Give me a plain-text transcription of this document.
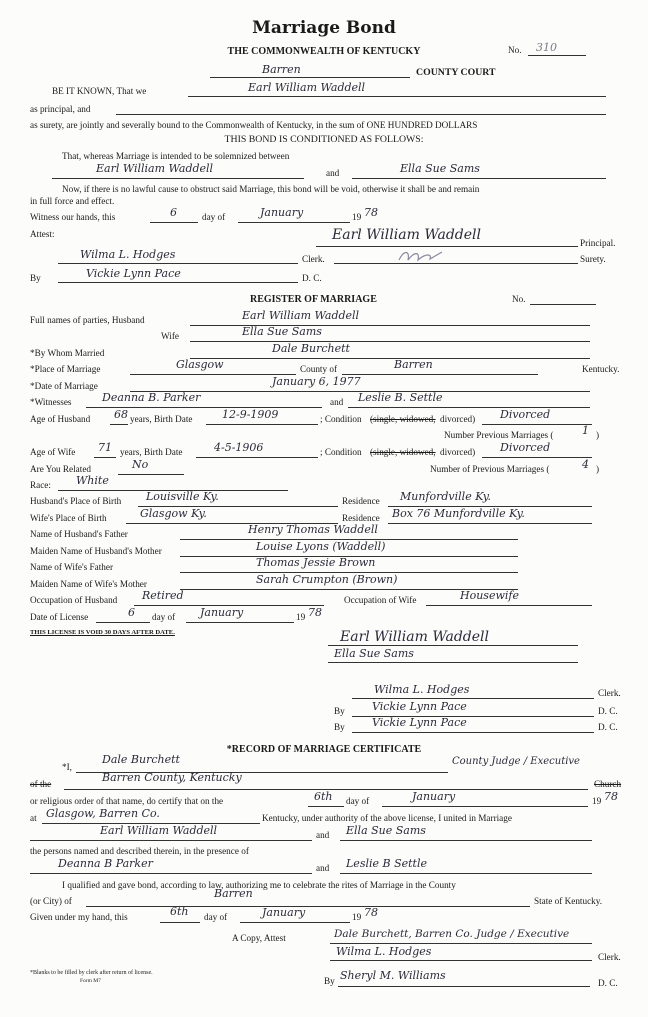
Marriage Bond
THE COMMONWEALTH OF KENTUCKY	No. 310
Barren	COUNTY COURT
BE IT KNOWN, That we	Earl William Waddell
as principal, and
as surety, are jointly and severally bound to the Commonwealth of Kentucky, in the sum of ONE HUNDRED DOLLARS
THIS BOND IS CONDITIONED AS FOLLOWS:
That, whereas Marriage is intended to be solemnized between
Earl William Waddell	and	Ella Sue Sams
Now, if there is no lawful cause to obstruct said Marriage, this bond will be void, otherwise it shall be and remain
in full force and effect.
Witness our hands, this	6	day of	January	19 78
Attest:	Earl William Waddell	Principal.
Wilma L. Hodges	Clerk.	Surety.
By	Vickie Lynn Pace	D. C.
REGISTER OF MARRIAGE	No.
Full names of parties, Husband	Earl William Waddell
Wife	Ella Sue Sams
*By Whom Married	Dale Burchett
*Place of Marriage	Glasgow	County of	Barren	Kentucky.
*Date of Marriage	January 6, 1977
*Witnesses	Deanna B. Parker	and Leslie B. Settle
Age of Husband 68 years, Birth Date	12-9-1909	; Condition (single, widowed, divorced) Divorced
Number Previous Marriages (	1 )
Age of Wife 71 years, Birth Date	4-5-1906	; Condition (single, widowed, divorced) Divorced
Are You Related	No	Number of Previous Marriages (	4 )
Race: White
Husband's Place of Birth Louisville Ky.	Residence Munfordville Ky.
Wife's Place of Birth	Glasgow Ky.	Residence Box 76 Munfordville Ky.
Name of Husband's Father	Henry Thomas Waddell
Maiden Name of Husband's Mother	Louise Lyons (Waddell)
Name of Wife's Father	Thomas Jessie Brown
Maiden Name of Wife's Mother	Sarah Crumpton (Brown)
Occupation of Husband Retired	Occupation of Wife	Housewife
Date of License	6 day of January	19 78
THIS LICENSE IS VOID 30 DAYS AFTER DATE.	Earl William Waddell
Ella Sue Sams
Wilma L. Hodges	Clerk.
By Vickie Lynn Pace	D. C.
By Vickie Lynn Pace	D. C.
*RECORD OF MARRIAGE CERTIFICATE
*I,
Dale Burchett	County Judge / Executive
of the	Barren County, Kentucky	Church
or religious order of that name, do certify that on the	6th day of	January	19 78
at Glasgow, Barren Co.	Kentucky, under authority of the above license, I united in Marriage
Earl William Waddell	and Ella Sue Sams
the persons named and described therein, in the presence of
Deanna B Parker	and Leslie B Settle
I qualified and gave bond, according to law, authorizing me to celebrate the rites of Marriage in the County
(or City) of
Barren
State of Kentucky.
Given under my hand, this	6th day of	January	19 78
A Copy, Attest	Dale Burchett, Barren Co. Judge / Executive
Wilma L. Hodges	Clerk.
By Sheryl M. Williams
D. C.
*Blanks to be filled by clerk after return of license.
Form M7
